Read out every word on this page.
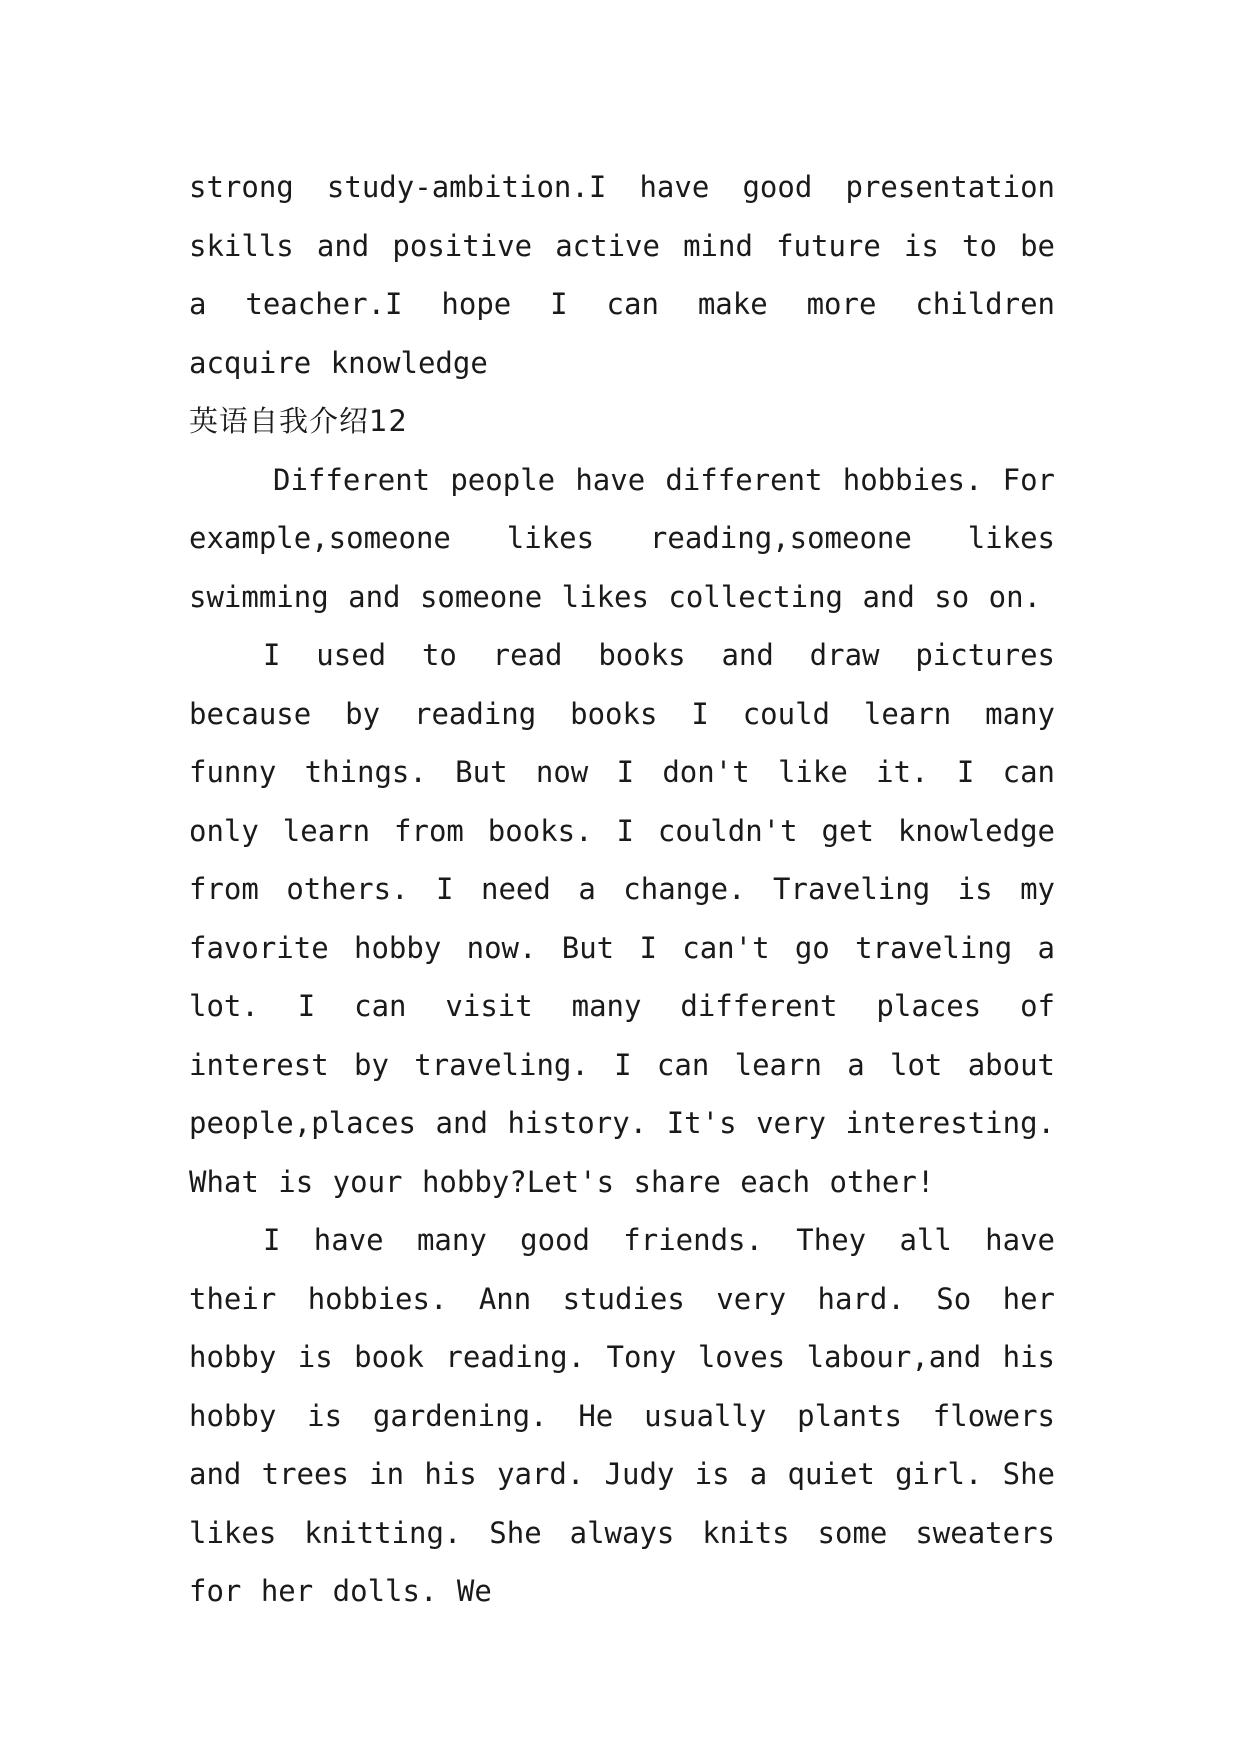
strong study-ambition.I have good presentation skills and positive active mind future is to be a teacher.I hope I can make more children acquire knowledge

英语自我介绍12

Different people have different hobbies. For example,someone likes reading,someone likes swimming and someone likes collecting and so on.

I used to read books and draw pictures because by reading books I could learn many funny things. But now I don't like it. I can only learn from books. I couldn't get knowledge from others. I need a change. Traveling is my favorite hobby now. But I can't go traveling a lot. I can visit many different places of interest by traveling. I can learn a lot about people,places and history. It's very interesting. What is your hobby?Let's share each other!

I have many good friends. They all have their hobbies. Ann studies very hard. So her hobby is book reading. Tony loves labour,and his hobby is gardening. He usually plants flowers and trees in his yard. Judy is a quiet girl. She likes knitting. She always knits some sweaters for her dolls. We
